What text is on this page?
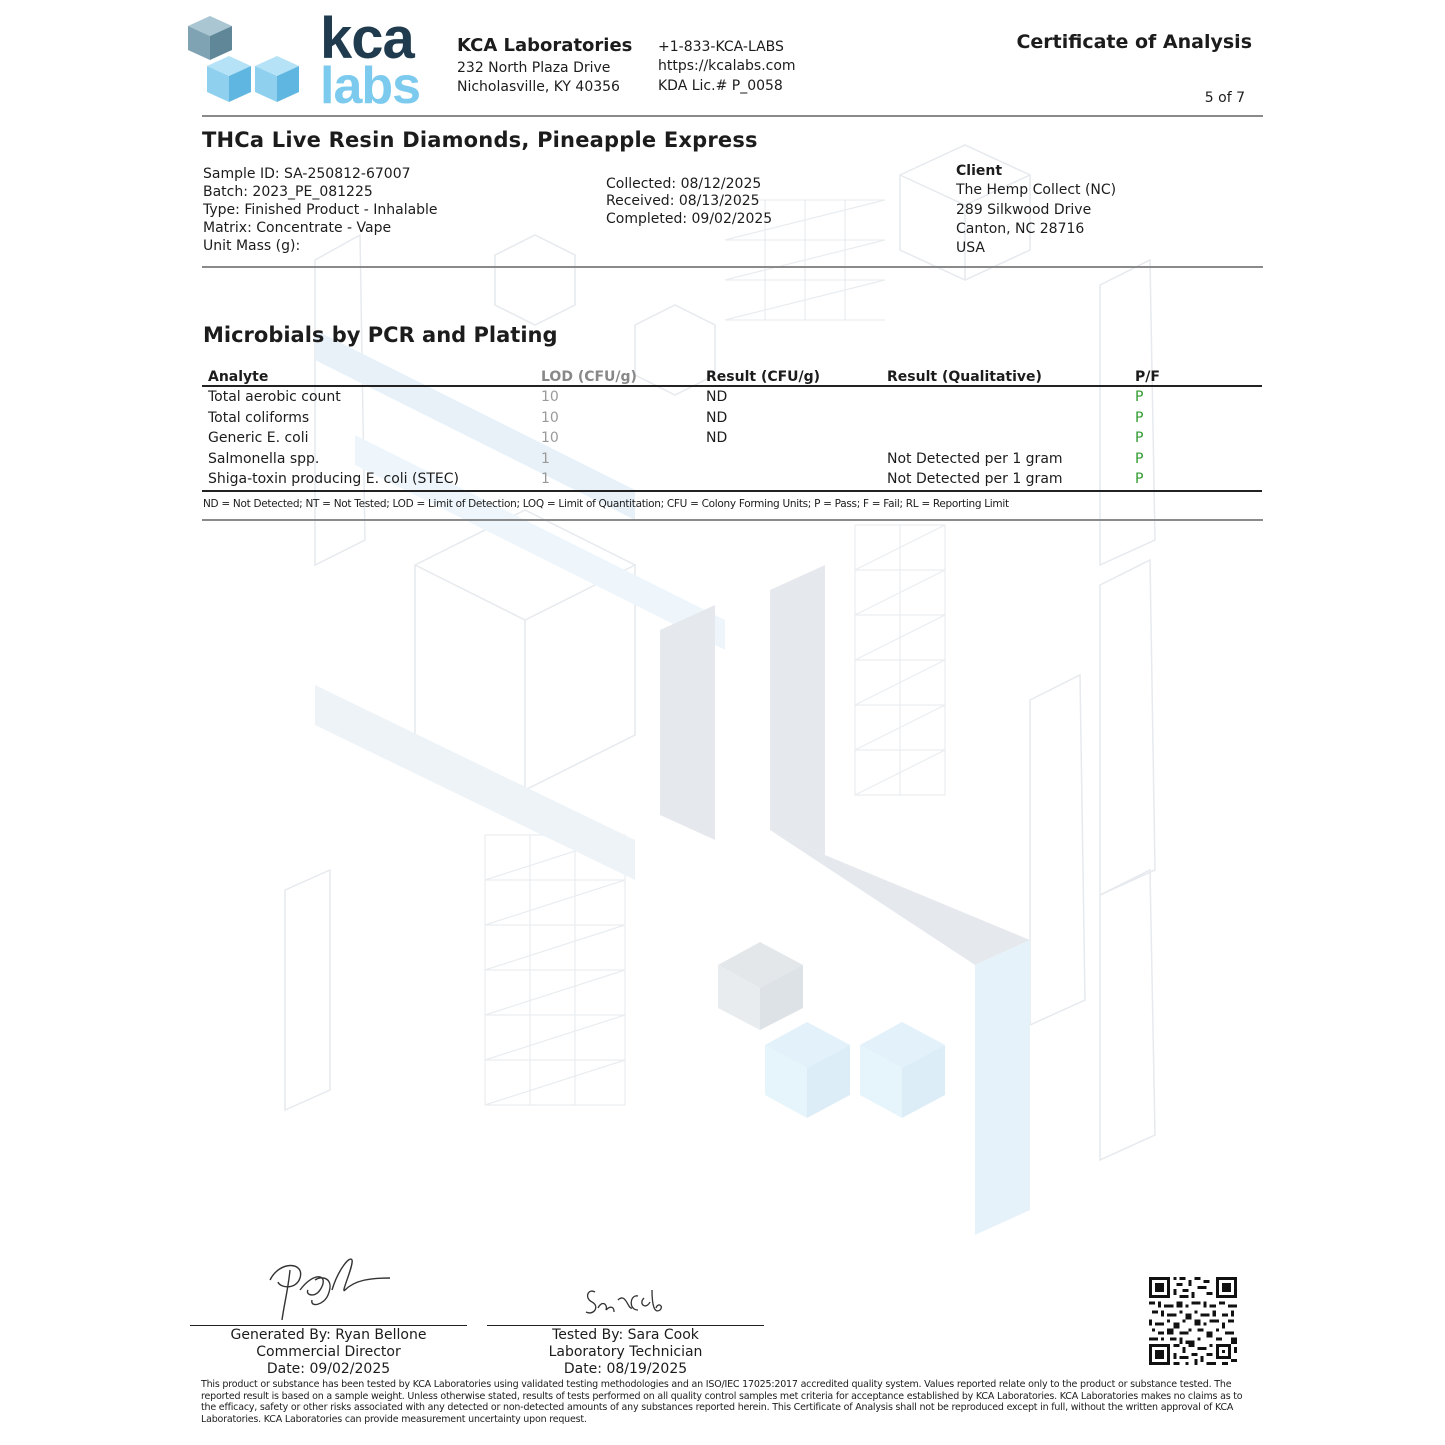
kca
labs
KCA Laboratories
232 North Plaza Drive
Nicholasville, KY 40356
+1-833-KCA-LABS
https://kcalabs.com
KDA Lic.# P_0058
Certificate of Analysis
5 of 7
THCa Live Resin Diamonds, Pineapple Express
Sample ID: SA-250812-67007
Batch: 2023_PE_081225
Type: Finished Product - Inhalable
Matrix: Concentrate - Vape
Unit Mass (g):
Collected: 08/12/2025
Received: 08/13/2025
Completed: 09/02/2025
Client
The Hemp Collect (NC)
289 Silkwood Drive
Canton, NC 28716
USA
Microbials by PCR and Plating
Analyte	LOD (CFU/g)	Result (CFU/g)	Result (Qualitative)	P/F
Total aerobic count	10	ND		P
Total coliforms	10	ND		P
Generic E. coli	10	ND		P
Salmonella spp.	1		Not Detected per 1 gram	P
Shiga-toxin producing E. coli (STEC)	1		Not Detected per 1 gram	P
ND = Not Detected; NT = Not Tested; LOD = Limit of Detection; LOQ = Limit of Quantitation; CFU = Colony Forming Units; P = Pass; F = Fail; RL = Reporting Limit
Generated By: Ryan Bellone
Commercial Director
Date: 09/02/2025
Tested By: Sara Cook
Laboratory Technician
Date: 08/19/2025
This product or substance has been tested by KCA Laboratories using validated testing methodologies and an ISO/IEC 17025:2017 accredited quality system. Values reported relate only to the product or substance tested. The reported result is based on a sample weight. Unless otherwise stated, results of tests performed on all quality control samples met criteria for acceptance established by KCA Laboratories. KCA Laboratories makes no claims as to the efficacy, safety or other risks associated with any detected or non-detected amounts of any substances reported herein. This Certificate of Analysis shall not be reproduced except in full, without the written approval of KCA Laboratories. KCA Laboratories can provide measurement uncertainty upon request.
